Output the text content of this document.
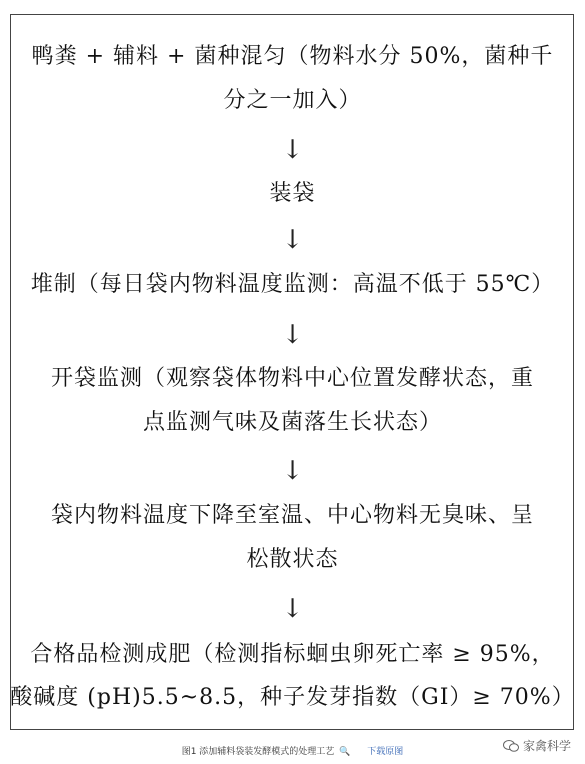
鸭粪 + 辅料 + 菌种混匀（物料水分 50%，菌种千
分之一加入）
↓
装袋
↓
堆制（每日袋内物料温度监测：高温不低于 55℃）
↓
开袋监测（观察袋体物料中心位置发酵状态，重
点监测气味及菌落生长状态）
↓
袋内物料温度下降至室温、中心物料无臭味、呈
松散状态
↓
合格品检测成肥（检测指标蛔虫卵死亡率 ≥ 95%，
酸碱度 (pH)5.5~8.5，种子发芽指数（GI）≥ 70%）
图1 添加辅料袋装发酵模式的处理工艺 🔍 下载原图	家禽科学
